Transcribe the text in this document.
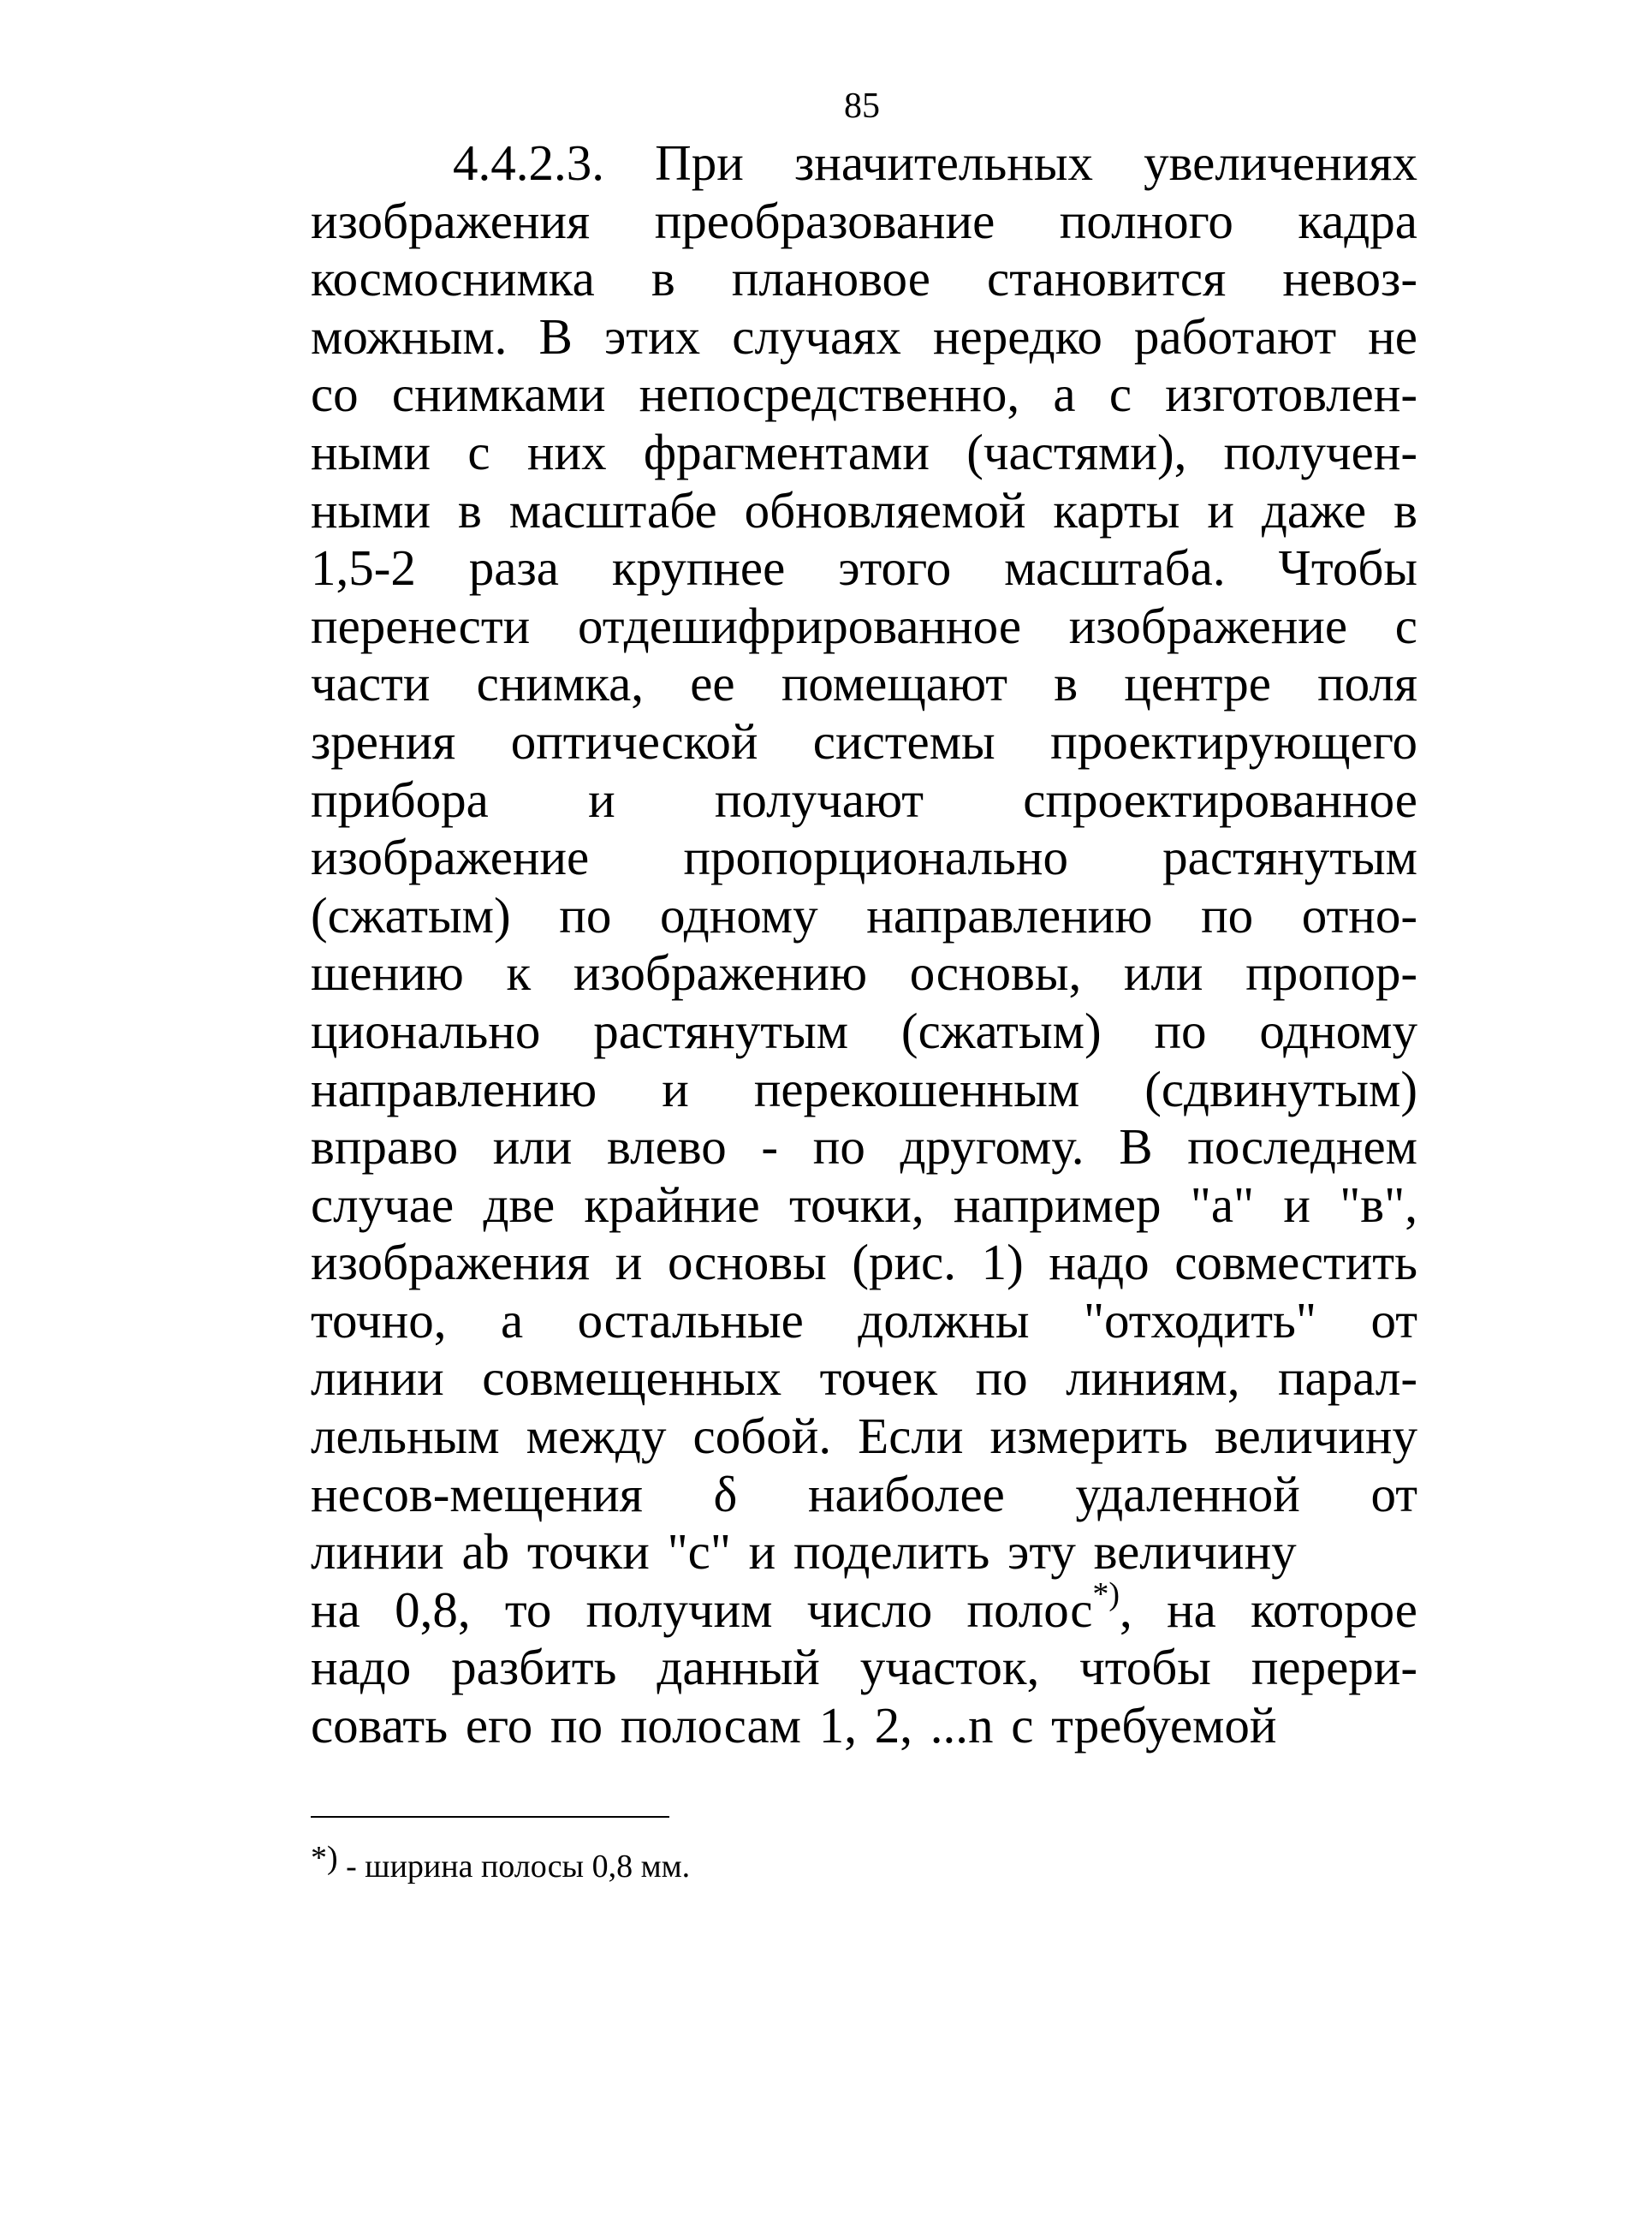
85
4.4.2.3. При значительных увеличениях
изображения преобразование полного кадра
космоснимка в плановое становится невоз-
можным. В этих случаях нередко работают не
со снимками непосредственно, а с изготовлен-
ными с них фрагментами (частями), получен-
ными в масштабе обновляемой карты и даже в
1,5-2 раза крупнее этого масштаба. Чтобы
перенести отдешифрированное изображение с
части снимка, ее помещают в центре поля
зрения оптической системы проектирующего
прибора и получают спроектированное
изображение пропорционально растянутым
(сжатым) по одному направлению по отно-
шению к изображению основы, или пропор-
ционально растянутым (сжатым) по одному
направлению и перекошенным (сдвинутым)
вправо или влево - по другому. В последнем
случае две крайние точки, например "а" и "в",
изображения и основы (рис. 1) надо совместить
точно, а остальные должны "отходить" от
линии совмещенных точек по линиям, парал-
лельным между собой. Если измерить величину
несов-мещения δ наиболее удаленной от
линии аb точки "с" и поделить эту величину
на 0,8, то получим число полос*), на которое
надо разбить данный участок, чтобы перери-
совать его по полосам 1, 2, ...n с требуемой
*) - ширина полосы 0,8 мм.
